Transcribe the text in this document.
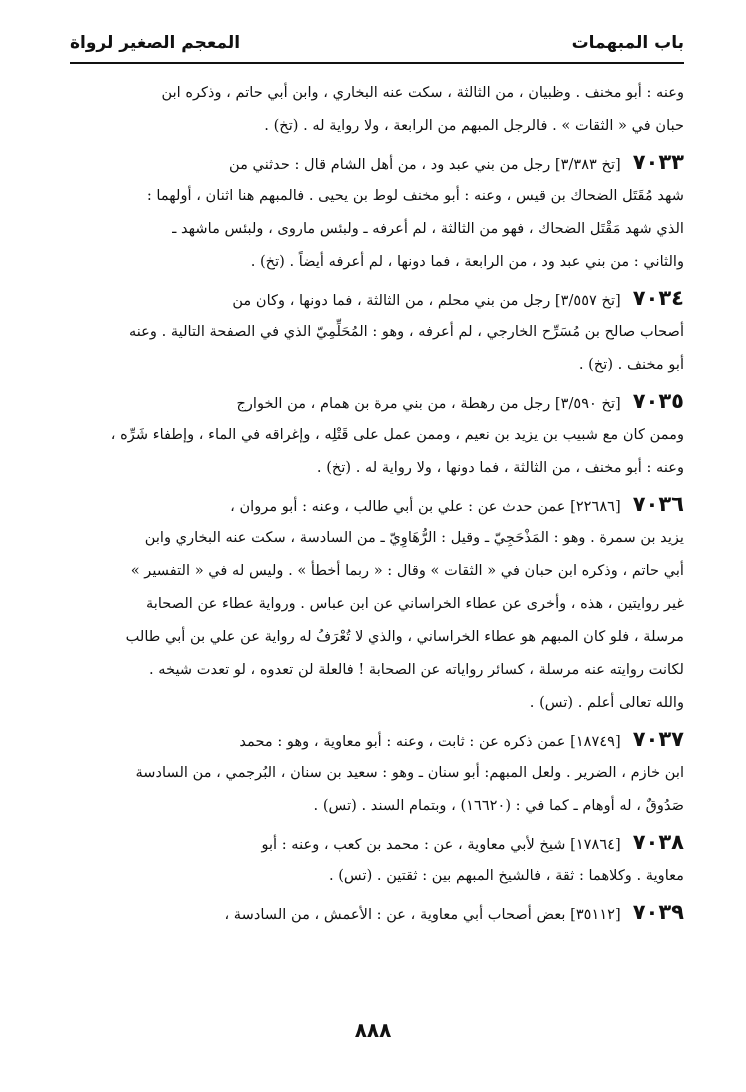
باب المبهمات
المعجم الصغير لرواة
وعنه : أبو مخنف . وظبيان ، من الثالثة ، سكت عنه البخاري ، وابن أبي حاتم ، وذكره ابن
حبان في « الثقات » . فالرجل المبهم من الرابعة ، ولا رواية له . (تخ) .
٧٠٣٣[تخ ٣/٣٨٣] رجل من بني عبد ود ، من أهل الشام قال : حدثني من
شهد مُقَتَل الضحاك بن قيس ، وعنه : أبو مخنف لوط بن يحيى . فالمبهم هنا اثنان ، أولهما :
الذي شهد مَقْتَل الضحاك ، فهو من الثالثة ، لم أعرفه ـ ولبئس ماروى ، ولبئس ماشهد ـ
والثاني : من بني عبد ود ، من الرابعة ، فما دونها ، لم أعرفه أيضاً . (تخ) .
٧٠٣٤[تخ ٣/٥٥٧] رجل من بني محلم ، من الثالثة ، فما دونها ، وكان من
أصحاب صالح بن مُسَرِّح الخارجي ، لم أعرفه ، وهو : المُحَلِّمِيّ الذي في الصفحة التالية . وعنه
أبو مخنف . (تخ) .
٧٠٣٥[تخ ٣/٥٩٠] رجل من رهطة ، من بني مرة بن همام ، من الخوارج
وممن كان مع شبيب بن يزيد بن نعيم ، وممن عمل على قَتْلِه ، وإغراقه في الماء ، وإطفاء شَرِّه ،
وعنه : أبو مخنف ، من الثالثة ، فما دونها ، ولا رواية له . (تخ) .
٧٠٣٦[٢٢٦٨٦] عمن حدث عن : علي بن أبي طالب ، وعنه : أبو مروان ،
يزيد بن سمرة . وهو : المَذْحَجِيّ ـ وقيل : الرُّهَاوِيّ ـ من السادسة ، سكت عنه البخاري وابن
أبي حاتم ، وذكره ابن حبان في « الثقات » وقال : « ربما أخطأ » . وليس له في « التفسير »
غير روايتين ، هذه ، وأخرى عن عطاء الخراساني عن ابن عباس . ورواية عطاء عن الصحابة
مرسلة ، فلو كان المبهم هو عطاء الخراساني ، والذي لا تُعْرَفُ له رواية عن علي بن أبي طالب
لكانت روايته عنه مرسلة ، كسائر رواياته عن الصحابة ! فالعلة لن تعدوه ، لو تعدت شيخه .
والله تعالى أعلم . (تس) .
٧٠٣٧[١٨٧٤٩] عمن ذكره عن : ثابت ، وعنه : أبو معاوية ، وهو : محمد
ابن خازم ، الضرير . ولعل المبهم: أبو سنان ـ وهو : سعيد بن سنان ، البُرجمي ، من السادسة
صَدُوقٌ ، له أوهام ـ كما في : (١٦٦٢٠) ، وبتمام السند . (تس) .
٧٠٣٨[١٧٨٦٤] شيخ لأبي معاوية ، عن : محمد بن كعب ، وعنه : أبو
معاوية . وكلاهما : ثقة ، فالشيخ المبهم بين : ثقتين . (تس) .
٧٠٣٩[٣٥١١٢] بعض أصحاب أبي معاوية ، عن : الأعمش ، من السادسة ،
٨٨٨
